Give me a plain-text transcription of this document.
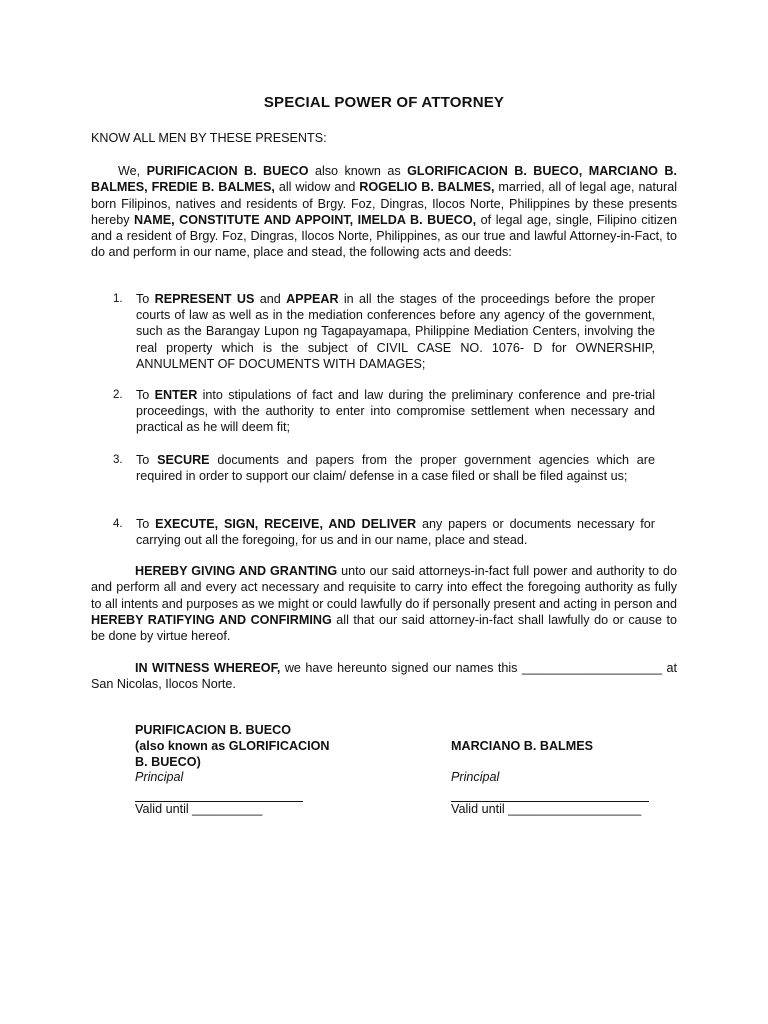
SPECIAL POWER OF ATTORNEY
KNOW ALL MEN BY THESE PRESENTS:
We, PURIFICACION B. BUECO also known as GLORIFICACION B. BUECO, MARCIANO B. BALMES, FREDIE B. BALMES, all widow and ROGELIO B. BALMES, married, all of legal age, natural born Filipinos, natives and residents of Brgy. Foz, Dingras, Ilocos Norte, Philippines by these presents hereby NAME, CONSTITUTE AND APPOINT, IMELDA B. BUECO, of legal age, single, Filipino citizen and a resident of Brgy. Foz, Dingras, Ilocos Norte, Philippines, as our true and lawful Attorney-in-Fact, to do and perform in our name, place and stead, the following acts and deeds:
1.	To REPRESENT US and APPEAR in all the stages of the proceedings before the proper courts of law as well as in the mediation conferences before any agency of the government, such as the Barangay Lupon ng Tagapayamapa, Philippine Mediation Centers, involving the real property which is the subject of CIVIL CASE NO. 1076- D for OWNERSHIP, ANNULMENT OF DOCUMENTS WITH DAMAGES;
2.	To ENTER into stipulations of fact and law during the preliminary conference and pre-trial proceedings, with the authority to enter into compromise settlement when necessary and practical as he will deem fit;
3.	To SECURE documents and papers from the proper government agencies which are required in order to support our claim/ defense in a case filed or shall be filed against us;
4.	To EXECUTE, SIGN, RECEIVE, AND DELIVER any papers or documents necessary for carrying out all the foregoing, for us and in our name, place and stead.
HEREBY GIVING AND GRANTING unto our said attorneys-in-fact full power and authority to do and perform all and every act necessary and requisite to carry into effect the foregoing authority as fully to all intents and purposes as we might or could lawfully do if personally present and acting in person and HEREBY RATIFYING AND CONFIRMING all that our said attorney-in-fact shall lawfully do or cause to be done by virtue hereof.
IN WITNESS WHEREOF, we have hereunto signed our names this ____________________ at San Nicolas, Ilocos Norte.
PURIFICACION B. BUECO
(also known as GLORIFICACION
B. BUECO)
MARCIANO B. BALMES
Principal	Principal
Valid until __________	Valid until ___________________
